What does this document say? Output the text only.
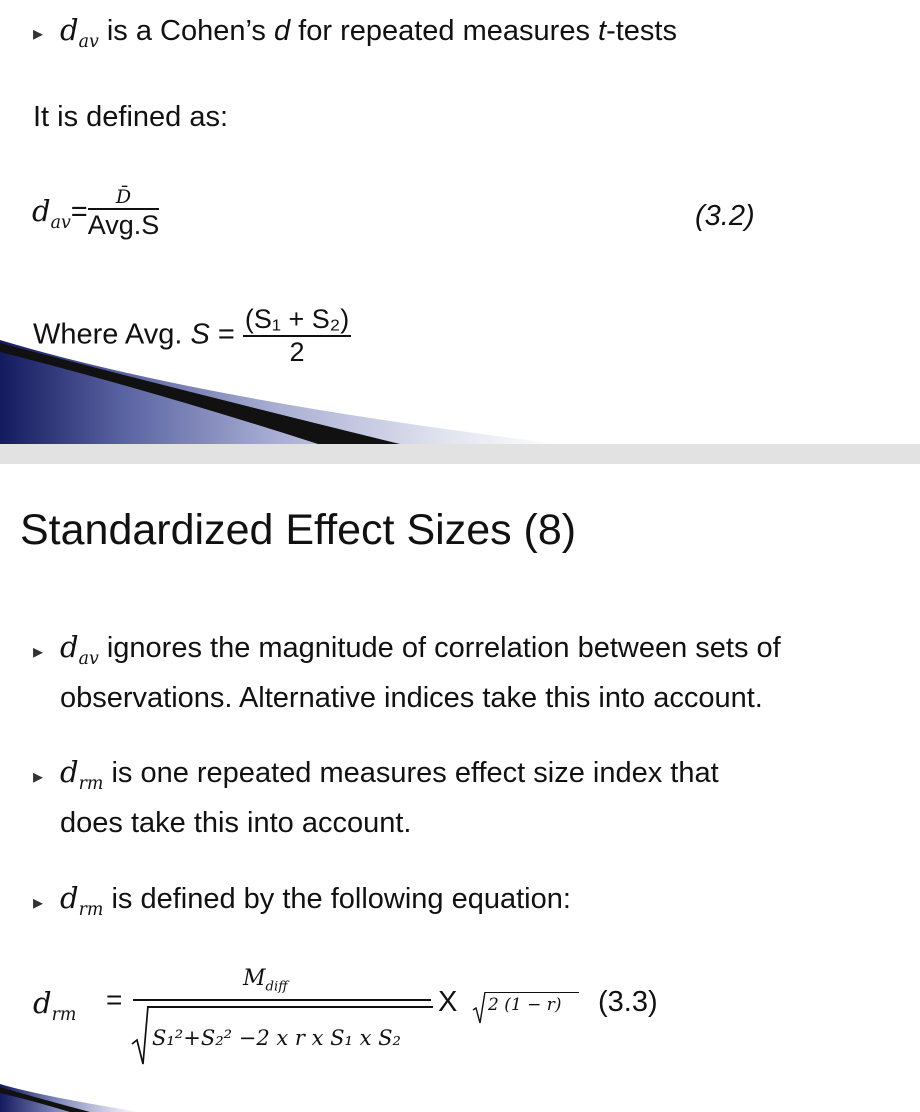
▸ $d_{av}$ is a Cohen’s d for repeated measures t-tests
It is defined as:
$d_{av}= \frac{D̄}{\text{Avg.S}}$	(3.2)
Where Avg. $S = \frac{\text{(S₁ + S₂)}}{2}$
Standardized Effect Sizes (8)
▸ $d_{av}$ ignores the magnitude of correlation between sets of
observations. Alternative indices take this into account.
▸ $d_{rm}$ is one repeated measures effect size index that
does take this into account.
▸ $d_{rm}$ is defined by the following equation:
$d_{rm}$ =
$M_{diff}$
S₁²+S₂² −2 x r x S₁ x S₂
X 2 (1 − r) (3.3)
